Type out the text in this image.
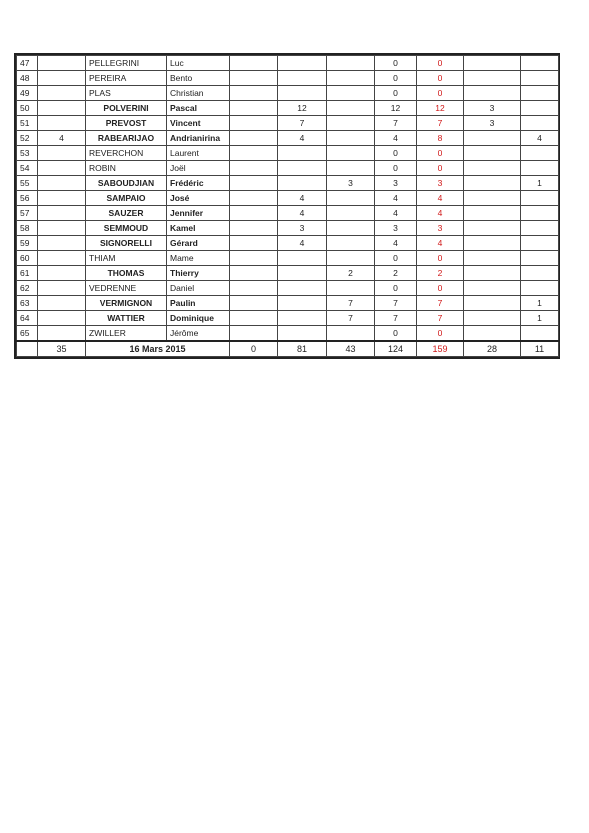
47		PELLEGRINI	Luc				0	0		
48		PEREIRA	Bento				0	0		
49		PLAS	Christian				0	0		
50		POLVERINI	Pascal		12		12	12	3	
51		PREVOST	Vincent		7		7	7	3	
52	4	RABEARIJAO	Andrianirina		4		4	8		4
53		REVERCHON	Laurent				0	0		
54		ROBIN	Joël				0	0		
55		SABOUDJIAN	Frédéric			3	3	3		1
56		SAMPAIO	José		4		4	4		
57		SAUZER	Jennifer		4		4	4		
58		SEMMOUD	Kamel		3		3	3		
59		SIGNORELLI	Gérard		4		4	4		
60		THIAM	Mame				0	0		
61		THOMAS	Thierry			2	2	2		
62		VEDRENNE	Daniel				0	0		
63		VERMIGNON	Paulin			7	7	7		1
64		WATTIER	Dominique			7	7	7		1
65		ZWILLER	Jérôme				0	0		
	35	16 Mars 2015		0	81	43	124	159	28	11
